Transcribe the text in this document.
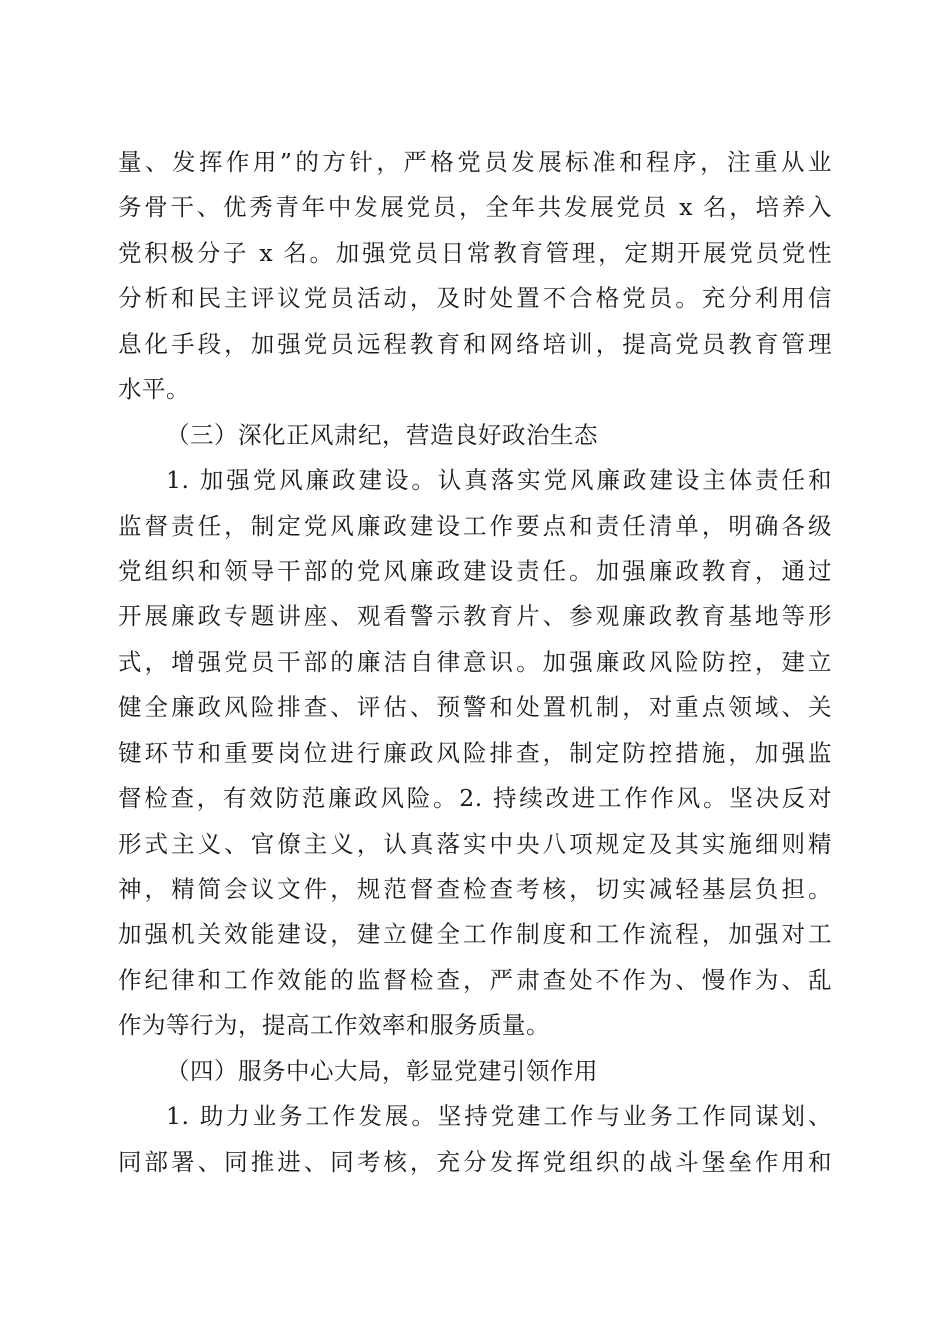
量、发挥作用”的方针，严格党员发展标准和程序，注重从业
务骨干、优秀青年中发展党员，全年共发展党员 x 名，培养入
党积极分子 x 名。加强党员日常教育管理，定期开展党员党性
分析和民主评议党员活动，及时处置不合格党员。充分利用信
息化手段，加强党员远程教育和网络培训，提高党员教育管理
水平。
（三）深化正风肃纪，营造良好政治生态
1. 加强党风廉政建设。认真落实党风廉政建设主体责任和
监督责任，制定党风廉政建设工作要点和责任清单，明确各级
党组织和领导干部的党风廉政建设责任。加强廉政教育，通过
开展廉政专题讲座、观看警示教育片、参观廉政教育基地等形
式，增强党员干部的廉洁自律意识。加强廉政风险防控，建立
健全廉政风险排查、评估、预警和处置机制，对重点领域、关
键环节和重要岗位进行廉政风险排查，制定防控措施，加强监
督检查，有效防范廉政风险。2. 持续改进工作作风。坚决反对
形式主义、官僚主义，认真落实中央八项规定及其实施细则精
神，精简会议文件，规范督查检查考核，切实减轻基层负担。
加强机关效能建设，建立健全工作制度和工作流程，加强对工
作纪律和工作效能的监督检查，严肃查处不作为、慢作为、乱
作为等行为，提高工作效率和服务质量。
（四）服务中心大局，彰显党建引领作用
1. 助力业务工作发展。坚持党建工作与业务工作同谋划、
同部署、同推进、同考核，充分发挥党组织的战斗堡垒作用和
